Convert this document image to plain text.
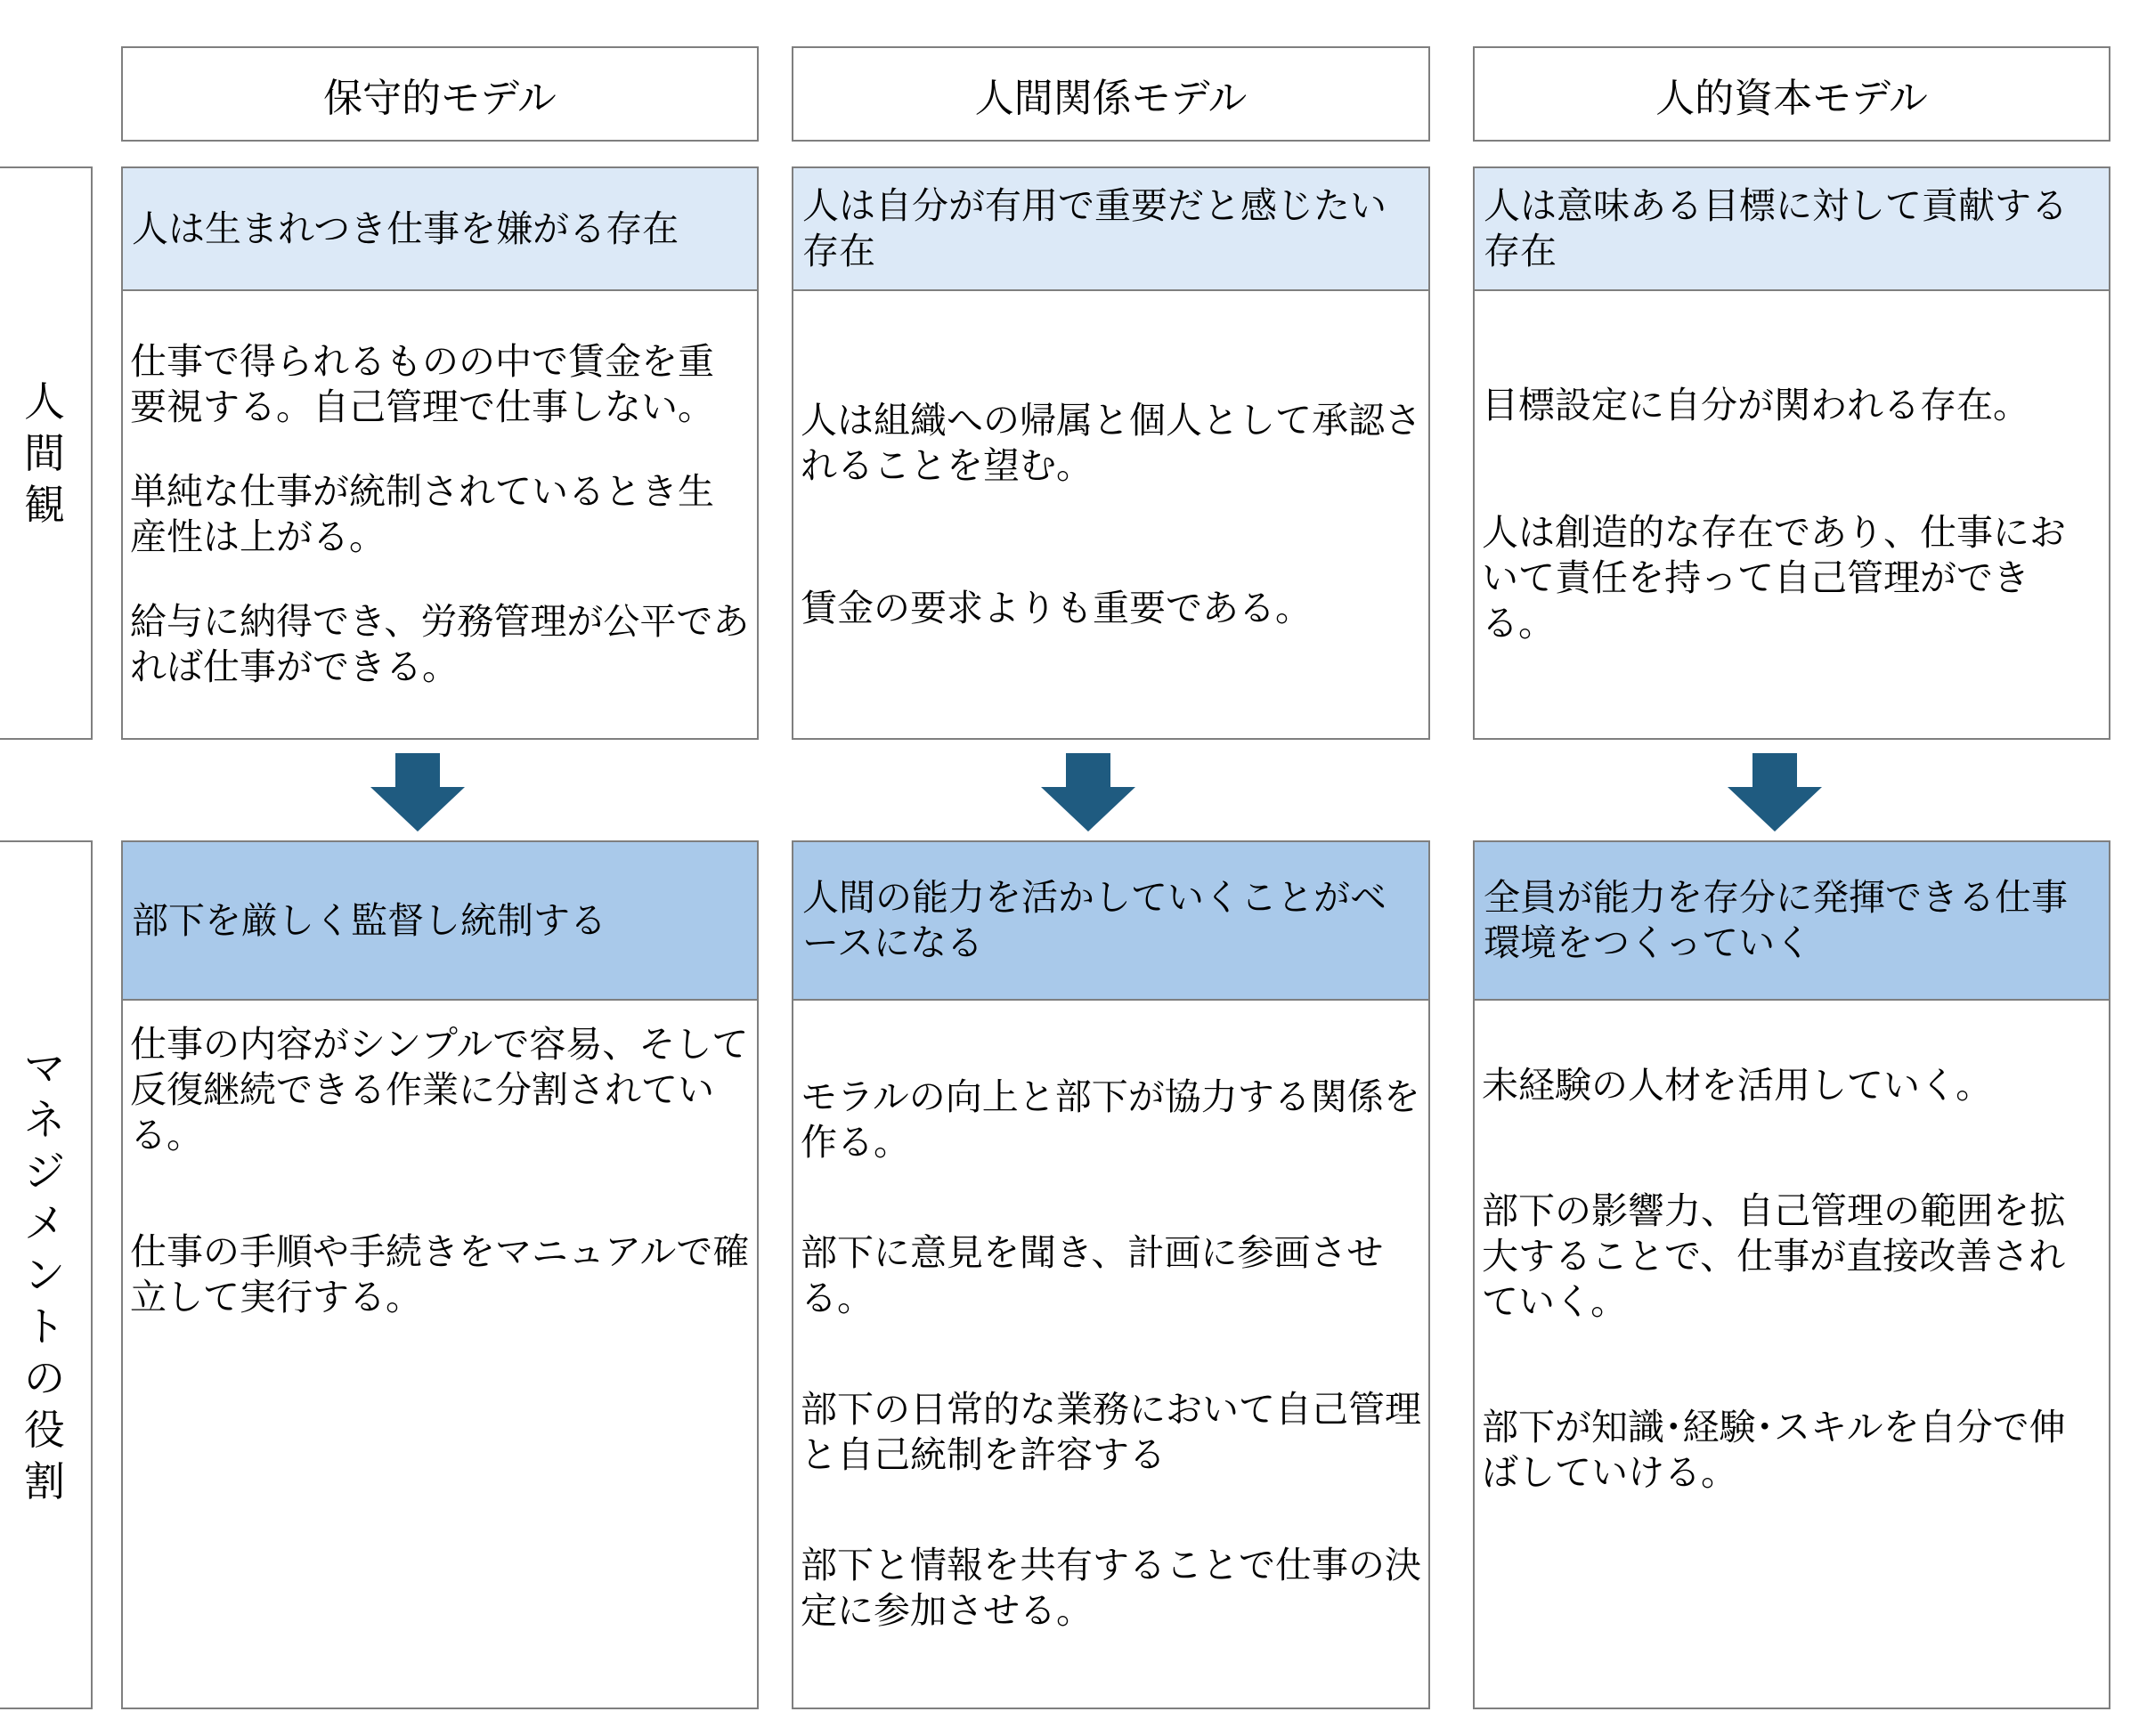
保守的モデル	人間関係モデル	人的資本モデル
人
間
観
人は生まれつき仕事を嫌がる存在

仕事で得られるものの中で賃金を重要視する。自己管理で仕事しない。

単純な仕事が統制されているとき生産性は上がる。

給与に納得でき、労務管理が公平であれば仕事ができる。

人は自分が有用で重要だと感じたい存在

人は組織への帰属と個人として承認されることを望む。

賃金の要求よりも重要である。

人は意味ある目標に対して貢献する存在

目標設定に自分が関われる存在。

人は創造的な存在であり、仕事において責任を持って自己管理ができる。

マ
ネ
ジ
メ
ン
ト
の
役
割
部下を厳しく監督し統制する

仕事の内容がシンプルで容易、そして反復継続できる作業に分割されている。

仕事の手順や手続きをマニュアルで確立して実行する。

人間の能力を活かしていくことがベースになる

モラルの向上と部下が協力する関係を作る。

部下に意見を聞き、計画に参画させる。

部下の日常的な業務において自己管理と自己統制を許容する

部下と情報を共有することで仕事の決定に参加させる。

全員が能力を存分に発揮できる仕事環境をつくっていく

未経験の人材を活用していく。

部下の影響力、自己管理の範囲を拡大することで、仕事が直接改善されていく。

部下が知識･経験･スキルを自分で伸ばしていける。
